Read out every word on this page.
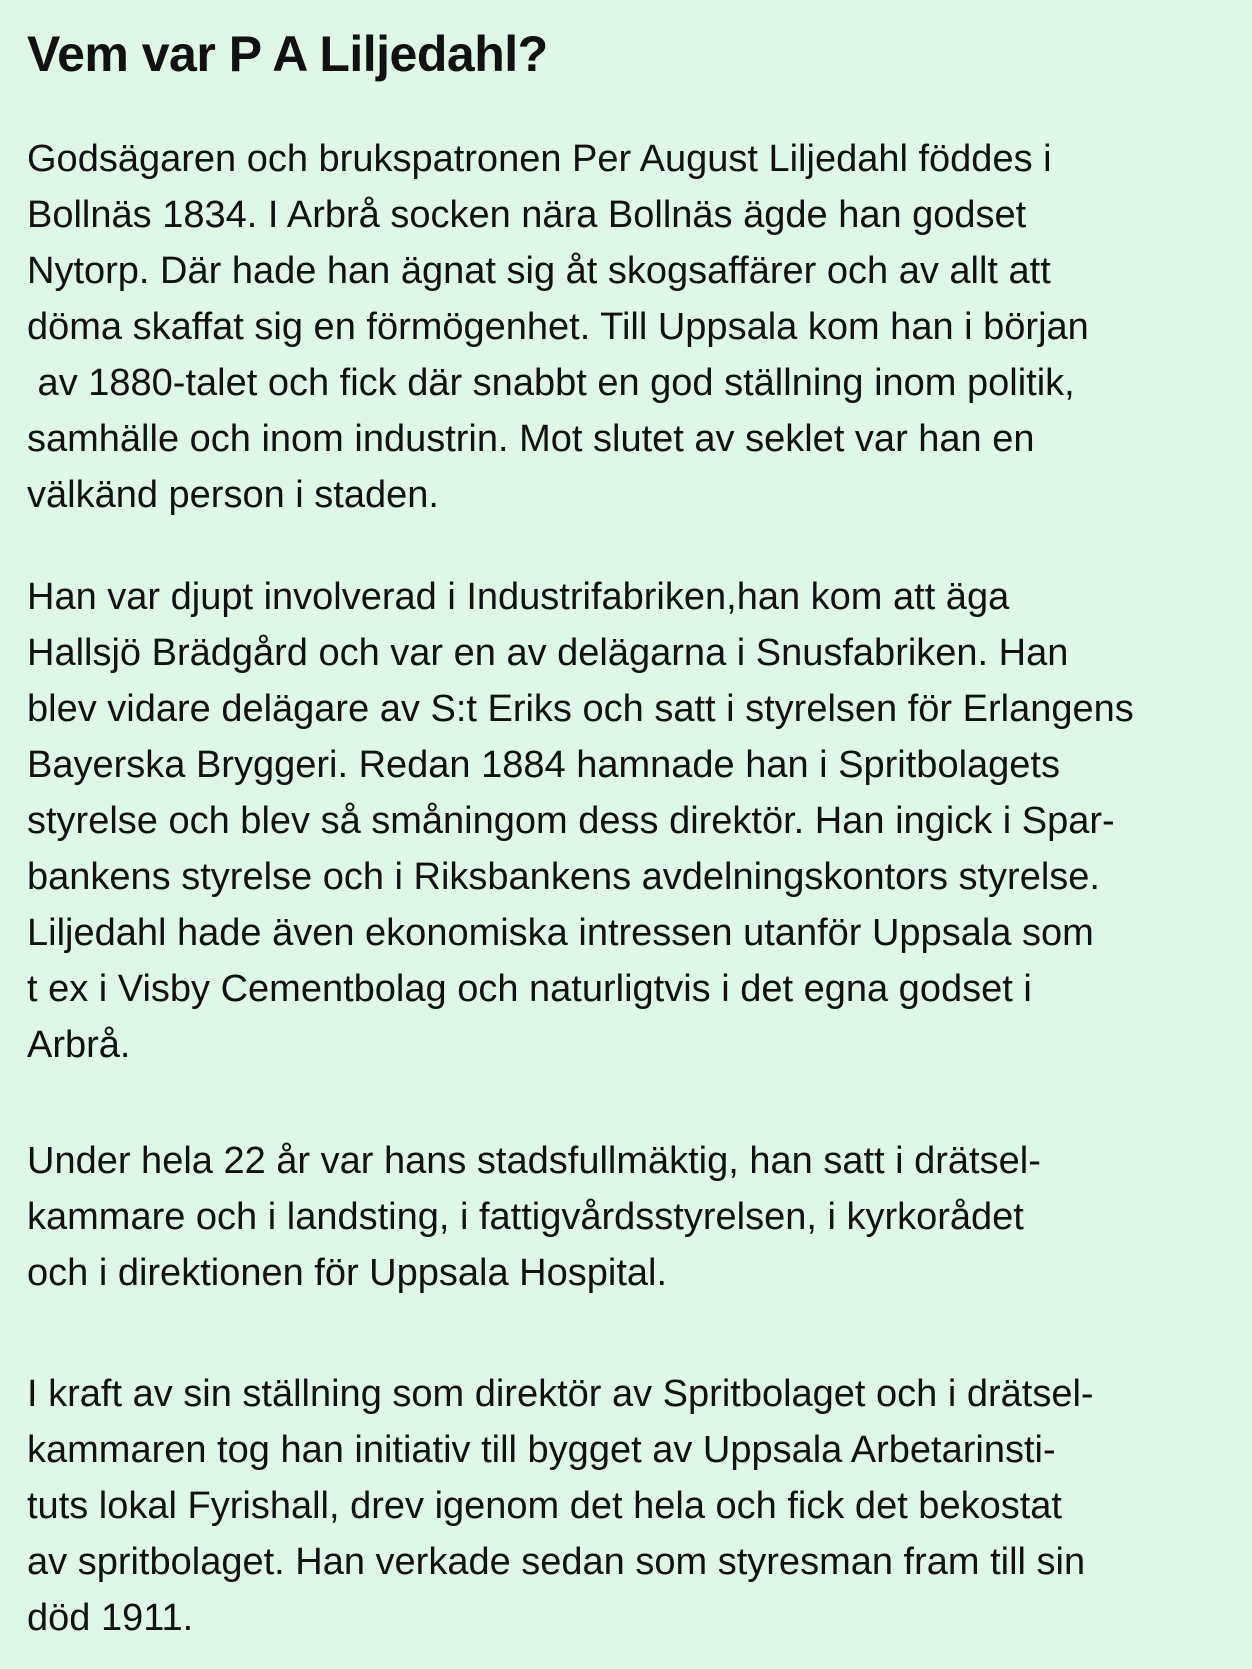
Vem var P A Liljedahl?
Godsägaren och brukspatronen Per August Liljedahl föddes i
Bollnäs 1834. I Arbrå socken nära Bollnäs ägde han godset
Nytorp. Där hade han ägnat sig åt skogsaffärer och av allt att
döma skaffat sig en förmögenhet. Till Uppsala kom han i början
av 1880-talet och fick där snabbt en god ställning inom politik,
samhälle och inom industrin. Mot slutet av seklet var han en
välkänd person i staden.
Han var djupt involverad i Industrifabriken,han kom att äga
Hallsjö Brädgård och var en av delägarna i Snusfabriken. Han
blev vidare delägare av S:t Eriks och satt i styrelsen för Erlangens
Bayerska Bryggeri. Redan 1884 hamnade han i Spritbolagets
styrelse och blev så småningom dess direktör. Han ingick i Spar-
bankens styrelse och i Riksbankens avdelningskontors styrelse.
Liljedahl hade även ekonomiska intressen utanför Uppsala som
t ex i Visby Cementbolag och naturligtvis i det egna godset i
Arbrå.
Under hela 22 år var hans stadsfullmäktig, han satt i drätsel-
kammare och i landsting, i fattigvårdsstyrelsen, i kyrkorådet
och i direktionen för Uppsala Hospital.
I kraft av sin ställning som direktör av Spritbolaget och i drätsel-
kammaren tog han initiativ till bygget av Uppsala Arbetarinsti-
tuts lokal Fyrishall, drev igenom det hela och fick det bekostat
av spritbolaget. Han verkade sedan som styresman fram till sin
död 1911.
